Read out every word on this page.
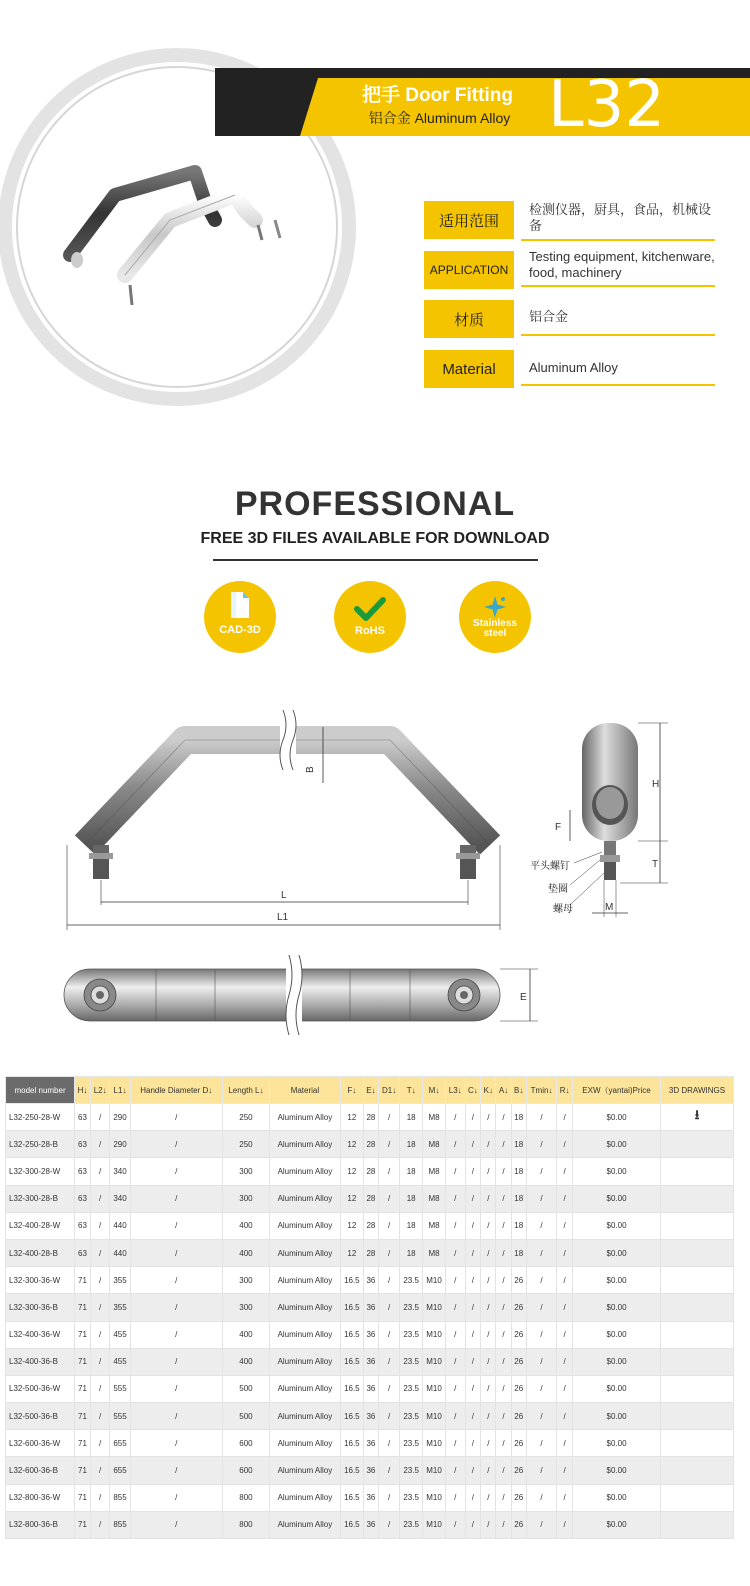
把手 Door Fitting
铝合金 Aluminum Alloy L32
适用范围
检测仪器，厨具，食品，机械设备
APPLICATION
Testing equipment, kitchenware, food, machinery
材质	铝合金
Material	Aluminum Alloy
PROFESSIONAL
FREE 3D FILES AVAILABLE FOR DOWNLOAD
CAD-3D	RoHS
Stainless steel
B
L
L1
H
T
F
M
平头螺钉
垫圈
螺母
E
model number	H↓	L2↓	L1↓	Handle Diameter D↓	Length L↓	Material	F↓	E↓	D1↓	T↓	M↓	L3↓	C↓	K↓	A↓	B↓	Tmin↓	R↓	EXW（yantai)Price	3D DRAWINGS
L32-250-28-W	63	/	290	/	250	Aluminum Alloy	12	28	/	18	M8	/	/	/	/	18	/	/	$0.00	⭳
L32-250-28-B	63	/	290	/	250	Aluminum Alloy	12	28	/	18	M8	/	/	/	/	18	/	/	$0.00	
L32-300-28-W	63	/	340	/	300	Aluminum Alloy	12	28	/	18	M8	/	/	/	/	18	/	/	$0.00	
L32-300-28-B	63	/	340	/	300	Aluminum Alloy	12	28	/	18	M8	/	/	/	/	18	/	/	$0.00	
L32-400-28-W	63	/	440	/	400	Aluminum Alloy	12	28	/	18	M8	/	/	/	/	18	/	/	$0.00	
L32-400-28-B	63	/	440	/	400	Aluminum Alloy	12	28	/	18	M8	/	/	/	/	18	/	/	$0.00	
L32-300-36-W	71	/	355	/	300	Aluminum Alloy	16.5	36	/	23.5	M10	/	/	/	/	26	/	/	$0.00	
L32-300-36-B	71	/	355	/	300	Aluminum Alloy	16.5	36	/	23.5	M10	/	/	/	/	26	/	/	$0.00	
L32-400-36-W	71	/	455	/	400	Aluminum Alloy	16.5	36	/	23.5	M10	/	/	/	/	26	/	/	$0.00	
L32-400-36-B	71	/	455	/	400	Aluminum Alloy	16.5	36	/	23.5	M10	/	/	/	/	26	/	/	$0.00	
L32-500-36-W	71	/	555	/	500	Aluminum Alloy	16.5	36	/	23.5	M10	/	/	/	/	26	/	/	$0.00	
L32-500-36-B	71	/	555	/	500	Aluminum Alloy	16.5	36	/	23.5	M10	/	/	/	/	26	/	/	$0.00	
L32-600-36-W	71	/	655	/	600	Aluminum Alloy	16.5	36	/	23.5	M10	/	/	/	/	26	/	/	$0.00	
L32-600-36-B	71	/	655	/	600	Aluminum Alloy	16.5	36	/	23.5	M10	/	/	/	/	26	/	/	$0.00	
L32-800-36-W	71	/	855	/	800	Aluminum Alloy	16.5	36	/	23.5	M10	/	/	/	/	26	/	/	$0.00	
L32-800-36-B	71	/	855	/	800	Aluminum Alloy	16.5	36	/	23.5	M10	/	/	/	/	26	/	/	$0.00	
